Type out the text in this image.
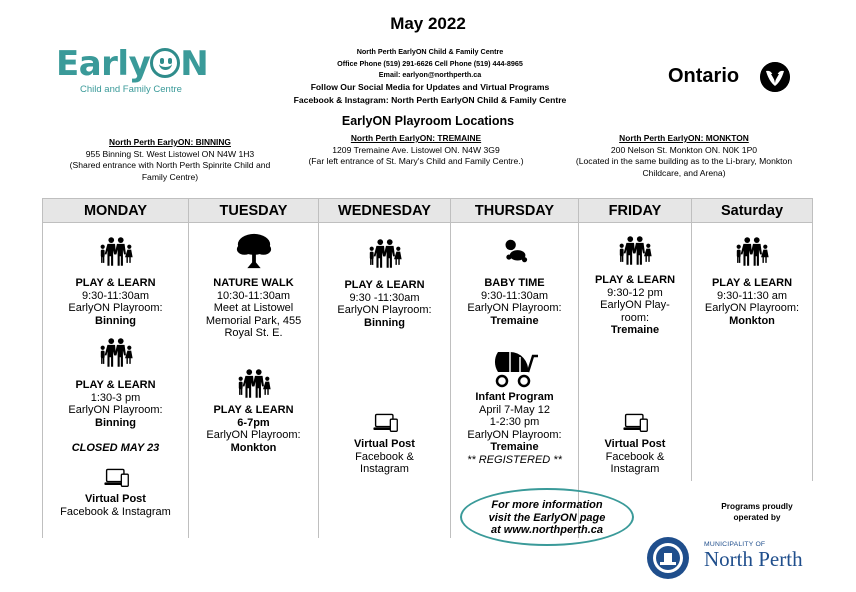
May 2022
Early N
Child and Family Centre
North Perth EarlyON Child & Family Centre
Office Phone (519) 291-6626 Cell Phone (519) 444-8965
Email: earlyon@northperth.ca
Follow Our Social Media for Updates and Virtual Programs
Facebook & Instagram: North Perth EarlyON Child & Family Centre
Ontario
EarlyON Playroom Locations
North Perth EarlyON: BINNING
955 Binning St. West Listowel ON N4W 1H3
(Shared entrance with North Perth Spinrite Child and Family Centre)
North Perth EarlyON: TREMAINE
1209 Tremaine Ave. Listowel ON. N4W 3G9
(Far left entrance of St. Mary's Child and Family Centre.)
North Perth EarlyON: MONKTON
200 Nelson St. Monkton ON. N0K 1P0
(Located in the same building as to the Li-brary, Monkton Childcare, and Arena)
MONDAY
PLAY & LEARN
9:30-11:30am
EarlyON Playroom:
Binning
PLAY & LEARN
1:30-3 pm
EarlyON Playroom:
Binning
CLOSED MAY 23
Virtual Post
Facebook & Instagram
TUESDAY
NATURE WALK
10:30-11:30am
Meet at Listowel
Memorial Park, 455
Royal St. E.
PLAY & LEARN
6-7pm
EarlyON Playroom:
Monkton
WEDNESDAY
PLAY & LEARN
9:30 -11:30am
EarlyON Playroom:
Binning
Virtual Post
Facebook &
Instagram
THURSDAY
BABY TIME
9:30-11:30am
EarlyON Playroom:
Tremaine
Infant Program
April 7-May 12
1-2:30 pm
EarlyON Playroom:
Tremaine
** REGISTERED **
FRIDAY
PLAY & LEARN
9:30-12 pm
EarlyON Play-
room:
Tremaine
Virtual Post
Facebook &
Instagram
Saturday
PLAY & LEARN
9:30-11:30 am
EarlyON Playroom:
Monkton
For more information
visit the EarlyON page
at www.northperth.ca
Programs proudly
operated by
MUNICIPALITY OF
North Perth
